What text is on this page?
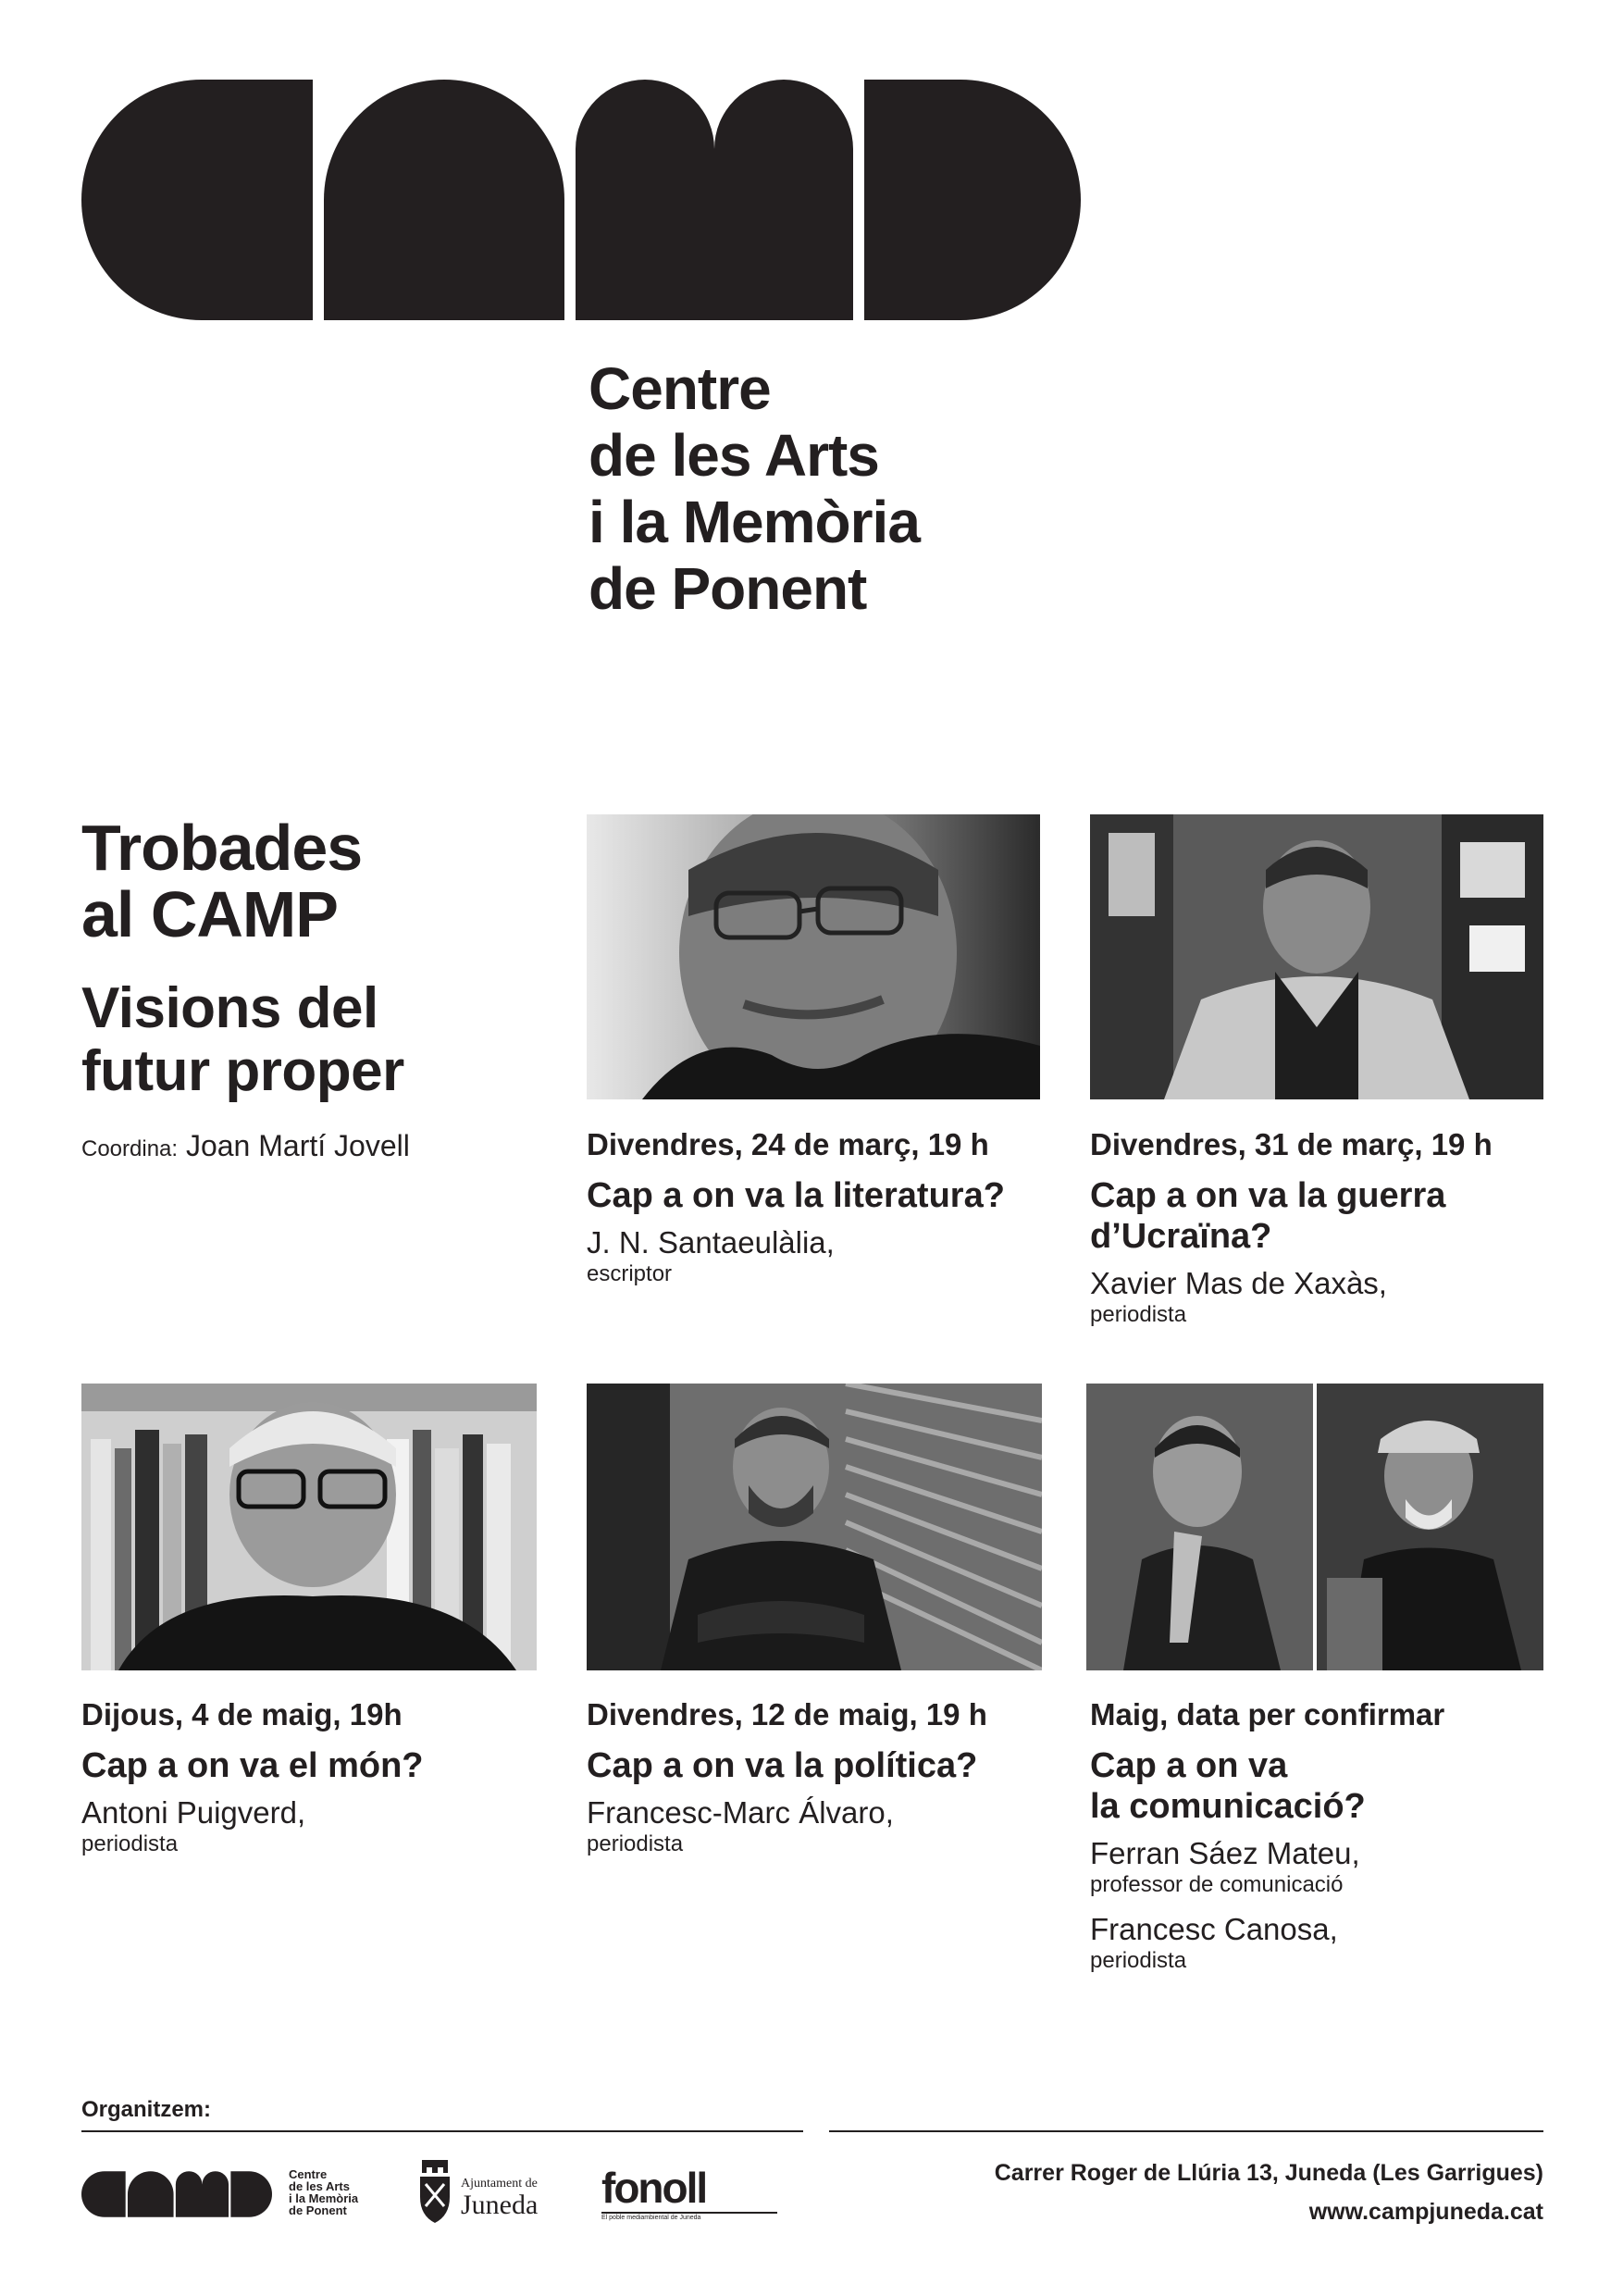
Centre

de les Arts

i la Memòria

de Ponent

Trobades

al CAMP

Visions del

futur proper

Coordina: Joan Martí Jovell	Divendres, 24 de març, 19 h

Cap a on va la literatura?

J. N. Santaeulàlia,

escriptor

Divendres, 31 de març, 19 h

Cap a on va la guerra

d’Ucraïna?

Xavier Mas de Xaxàs,

periodista

Dijous, 4 de maig, 19h

Cap a on va el món?

Antoni Puigverd,

periodista

Divendres, 12 de maig, 19 h

Cap a on va la política?

Francesc-Marc Álvaro,

periodista

Maig, data per confirmar

Cap a on va

la comunicació?

Ferran Sáez Mateu,

professor de comunicació

Francesc Canosa,

periodista

Organitzem:
Centre
de les Arts
i la Memòria
de Ponent
Ajuntament de
Juneda fonoll
El poble mediambiental de Juneda
Carrer Roger de Llúria 13, Juneda (Les Garrigues)
www.campjuneda.cat
